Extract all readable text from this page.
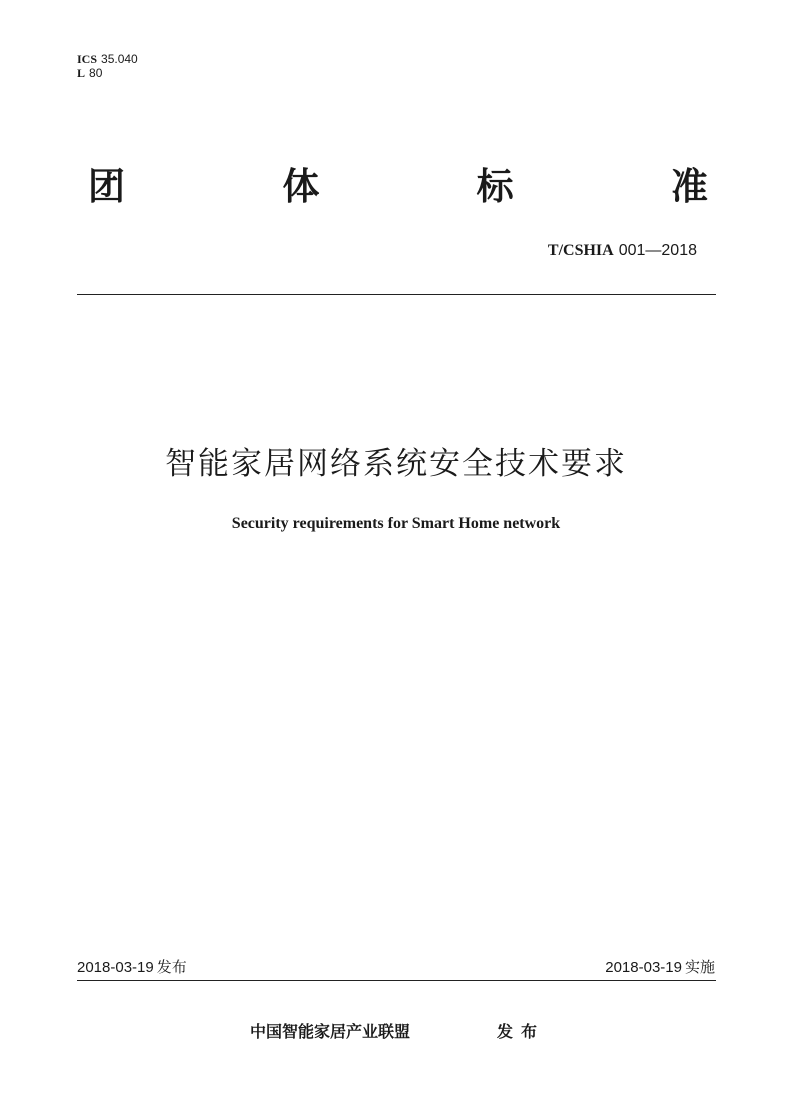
ICS 35.040
L 80
团	体	标	准
T/CSHIA 001—2018
智能家居网络系统安全技术要求
Security requirements for Smart Home network
2018-03-19 发布	2018-03-19 实施
中国智能家居产业联盟	发布
